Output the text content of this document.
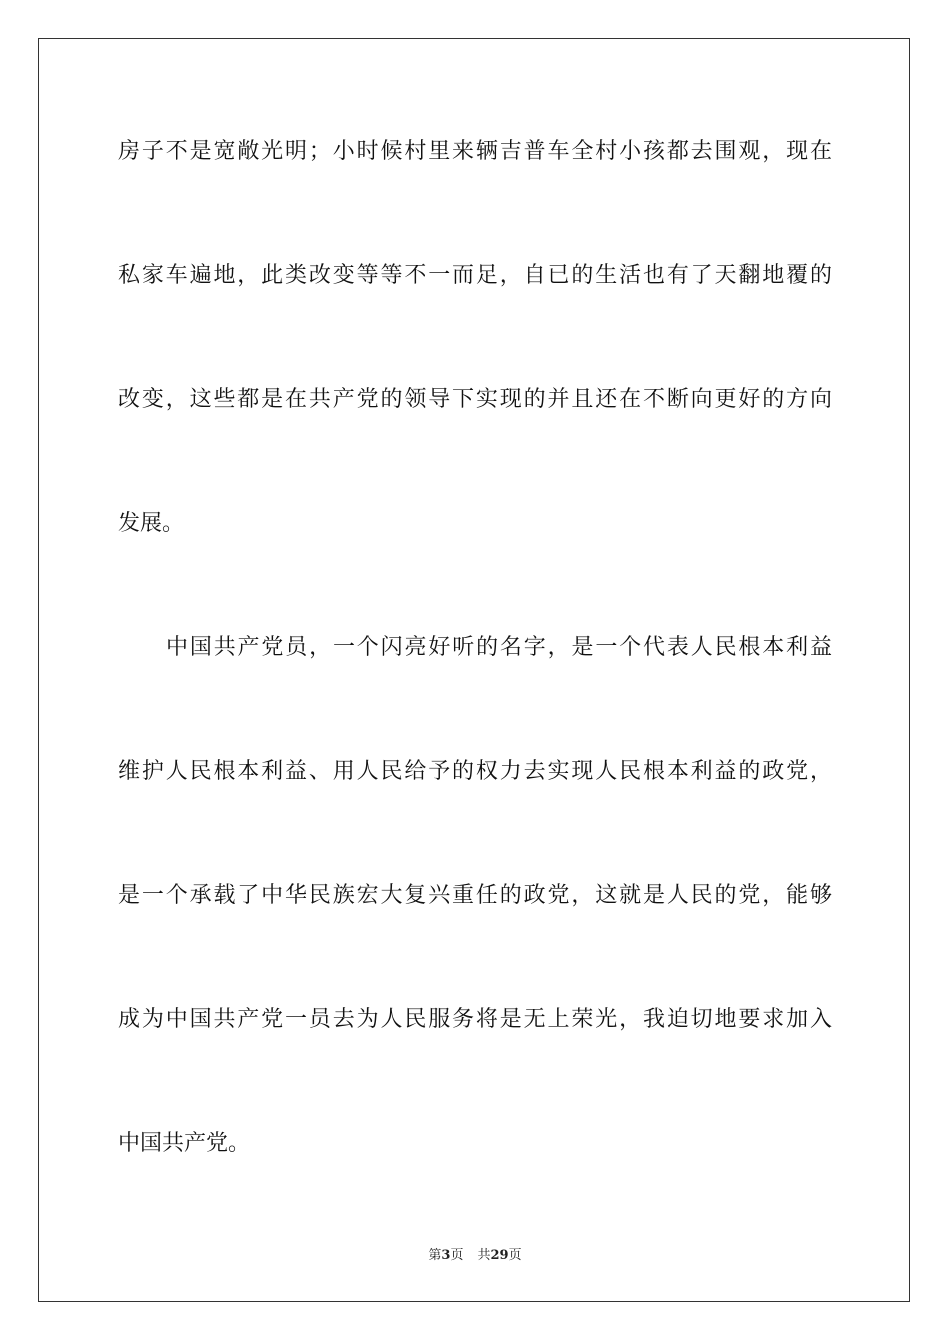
房子不是宽敞光明；小时候村里来辆吉普车全村小孩都去围观，现在
私家车遍地，此类改变等等不一而足，自已的生活也有了天翻地覆的
改变，这些都是在共产党的领导下实现的并且还在不断向更好的方向
发展。
中国共产党员，一个闪亮好听的名字，是一个代表人民根本利益
维护人民根本利益、用人民给予的权力去实现人民根本利益的政党，
是一个承载了中华民族宏大复兴重任的政党，这就是人民的党，能够
成为中国共产党一员去为人民服务将是无上荣光，我迫切地要求加入
中国共产党。
第3页 共29页
